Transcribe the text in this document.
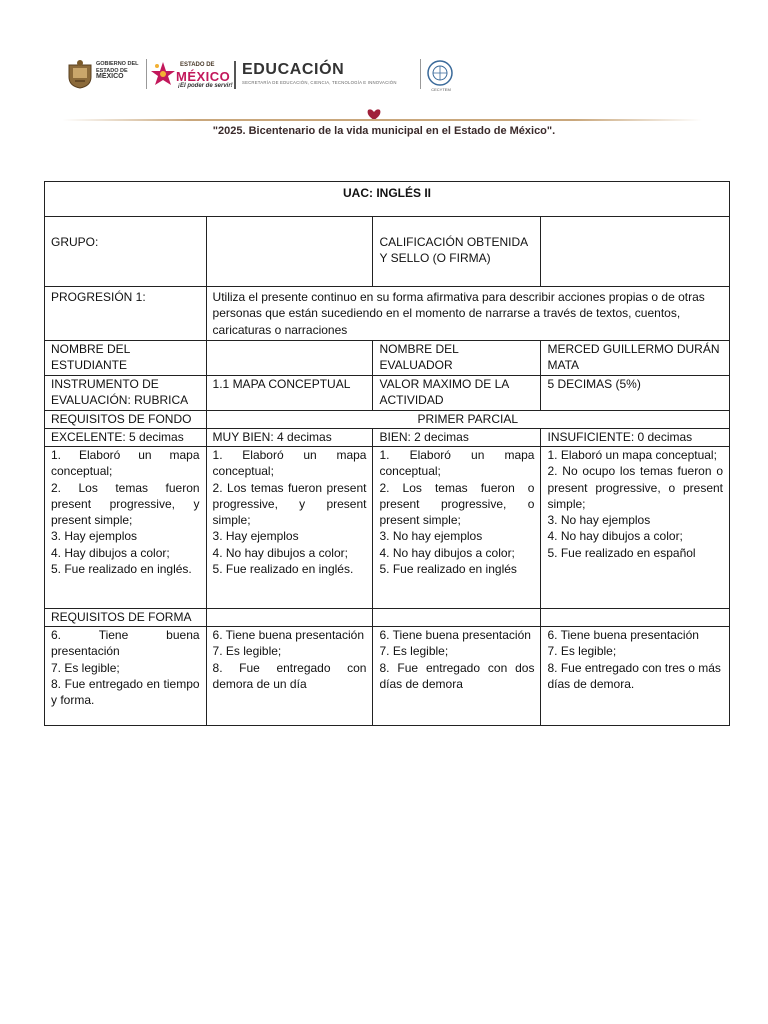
GOBIERNO DEL ESTADO DE
MÉXICO
ESTADO DE
MÉXICO
¡El poder de servir!
EDUCACIÓN
SECRETARÍA DE EDUCACIÓN, CIENCIA, TECNOLOGÍA E INNOVACIÓN
CECYTEM
"2025. Bicentenario de la vida municipal en el Estado de México".
UAC: INGLÉS II			
GRUPO:		CALIFICACIÓN OBTENIDA Y SELLO (O FIRMA)	
PROGRESIÓN 1:	Utiliza el presente continuo en su forma afirmativa para describir acciones propias o de otras personas que están sucediendo en el momento de narrarse a través de textos, cuentos, caricaturas o narraciones		
NOMBRE DEL ESTUDIANTE		NOMBRE DEL EVALUADOR	MERCED GUILLERMO DURÁN MATA
INSTRUMENTO DE EVALUACIÓN: RUBRICA	1.1 MAPA CONCEPTUAL	VALOR MAXIMO DE LA ACTIVIDAD	5 DECIMAS (5%)
REQUISITOS DE FONDO	PRIMER PARCIAL		
EXCELENTE: 5 decimas	MUY BIEN: 4 decimas	BIEN: 2 decimas	INSUFICIENTE: 0 decimas

1. Elaboró un mapa conceptual;
2. Los temas fueron present progressive, y present simple;
3. Hay ejemplos
4. Hay dibujos a color;
5. Fue realizado en inglés.	1. Elaboró un mapa conceptual;
2. Los temas fueron present progressive, y present simple;
3. Hay ejemplos
4. No hay dibujos a color;
5. Fue realizado en inglés.	1. Elaboró un mapa conceptual;
2. Los temas fueron o present progressive, o present simple;
3. No hay ejemplos
4. No hay dibujos a color;
5. Fue realizado en inglés	1. Elaboró un mapa conceptual;
2. No ocupo los temas fueron o present progressive, o present simple;
3. No hay ejemplos
4. No hay dibujos a color;
5. Fue realizado en español

REQUISITOS DE FORMA			

6. Tiene buena presentación
7. Es legible;
8. Fue entregado en tiempo y forma.	6. Tiene buena presentación
7. Es legible;
8. Fue entregado con demora de un día	6. Tiene buena presentación
7. Es legible;
8. Fue entregado con dos días de demora	6. Tiene buena presentación
7. Es legible;
8. Fue entregado con tres o más días de demora.
